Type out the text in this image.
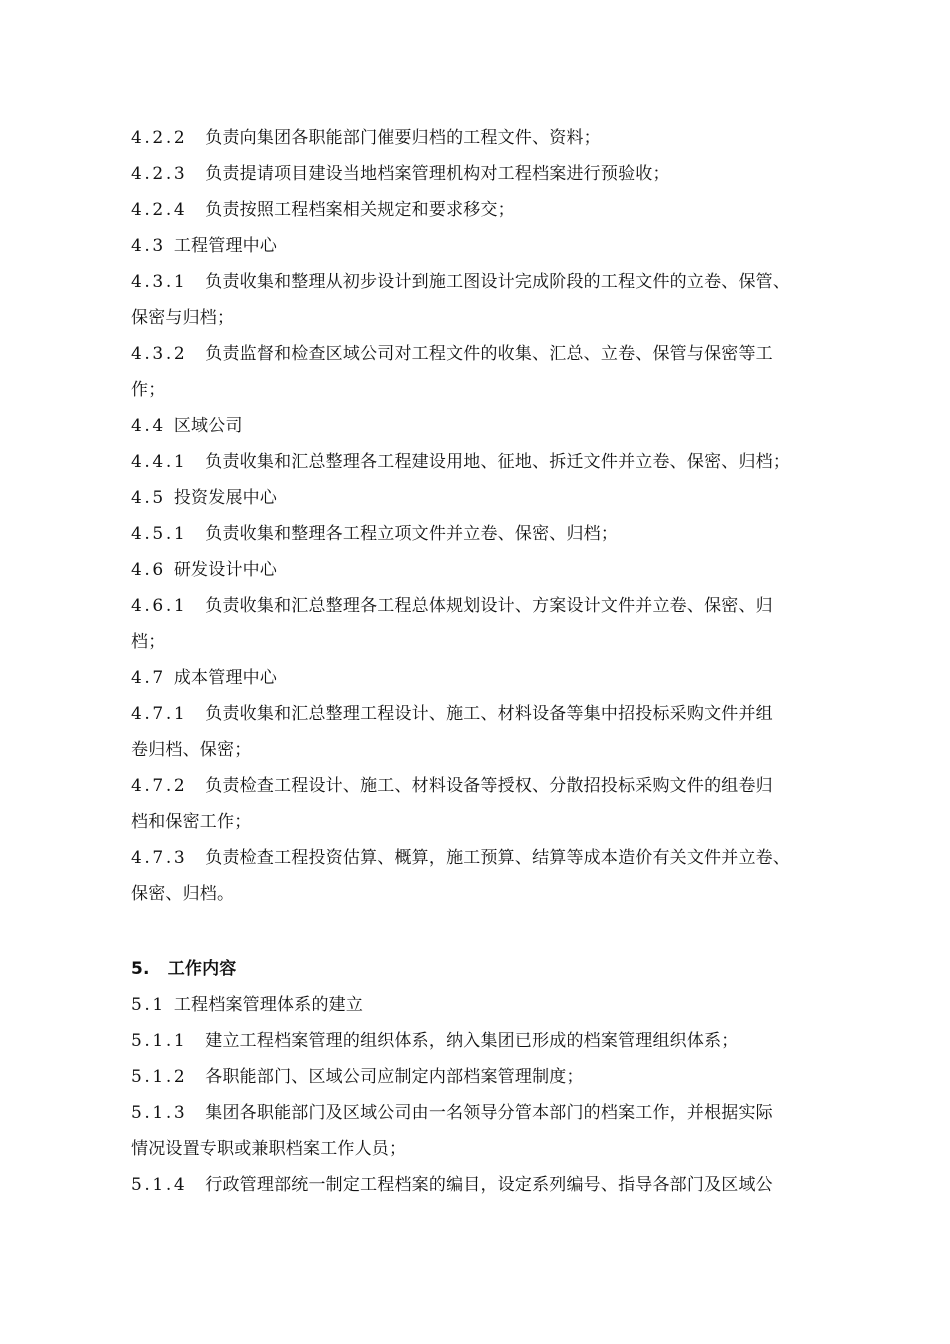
4.2.2 负责向集团各职能部门催要归档的工程文件、资料；
4.2.3 负责提请项目建设当地档案管理机构对工程档案进行预验收；
4.2.4 负责按照工程档案相关规定和要求移交；
4.3 工程管理中心
4.3.1 负责收集和整理从初步设计到施工图设计完成阶段的工程文件的立卷、保管、
保密与归档；
4.3.2 负责监督和检查区域公司对工程文件的收集、汇总、立卷、保管与保密等工
作；
4.4 区域公司
4.4.1 负责收集和汇总整理各工程建设用地、征地、拆迁文件并立卷、保密、归档；
4.5 投资发展中心
4.5.1 负责收集和整理各工程立项文件并立卷、保密、归档；
4.6 研发设计中心
4.6.1 负责收集和汇总整理各工程总体规划设计、方案设计文件并立卷、保密、归
档；
4.7 成本管理中心
4.7.1 负责收集和汇总整理工程设计、施工、材料设备等集中招投标采购文件并组
卷归档、保密；
4.7.2 负责检查工程设计、施工、材料设备等授权、分散招投标采购文件的组卷归
档和保密工作；
4.7.3 负责检查工程投资估算、概算，施工预算、结算等成本造价有关文件并立卷、
保密、归档。
5. 工作内容
5.1 工程档案管理体系的建立
5.1.1 建立工程档案管理的组织体系，纳入集团已形成的档案管理组织体系；
5.1.2 各职能部门、区域公司应制定内部档案管理制度；
5.1.3 集团各职能部门及区域公司由一名领导分管本部门的档案工作，并根据实际
情况设置专职或兼职档案工作人员；
5.1.4 行政管理部统一制定工程档案的编目，设定系列编号、指导各部门及区域公
